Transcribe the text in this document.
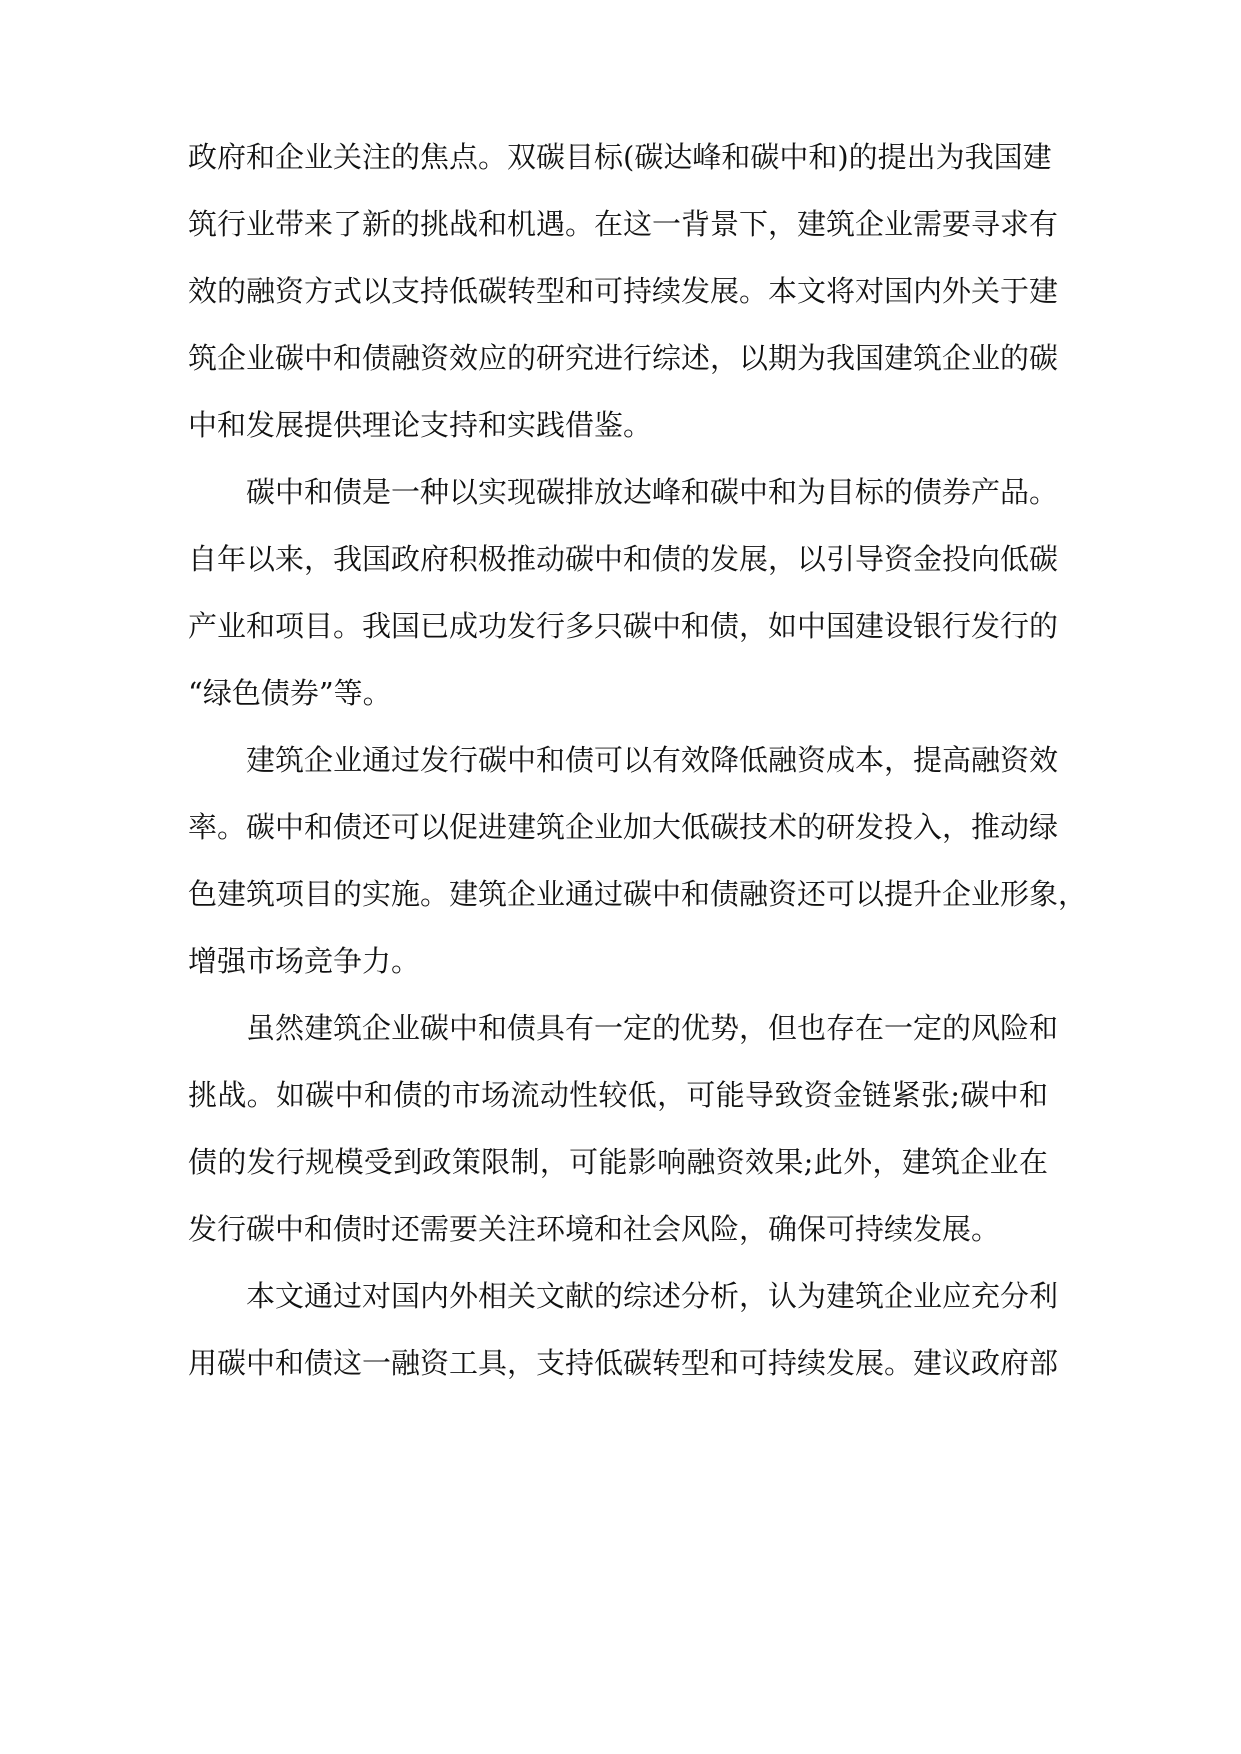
政府和企业关注的焦点。双碳目标(碳达峰和碳中和)的提出为我国建
筑行业带来了新的挑战和机遇。在这一背景下，建筑企业需要寻求有
效的融资方式以支持低碳转型和可持续发展。本文将对国内外关于建
筑企业碳中和债融资效应的研究进行综述，以期为我国建筑企业的碳
中和发展提供理论支持和实践借鉴。
碳中和债是一种以实现碳排放达峰和碳中和为目标的债券产品。
自年以来，我国政府积极推动碳中和债的发展，以引导资金投向低碳
产业和项目。我国已成功发行多只碳中和债，如中国建设银行发行的
“绿色债券”等。
建筑企业通过发行碳中和债可以有效降低融资成本，提高融资效
率。碳中和债还可以促进建筑企业加大低碳技术的研发投入，推动绿
色建筑项目的实施。建筑企业通过碳中和债融资还可以提升企业形象，
增强市场竞争力。
虽然建筑企业碳中和债具有一定的优势，但也存在一定的风险和
挑战。如碳中和债的市场流动性较低，可能导致资金链紧张;碳中和
债的发行规模受到政策限制，可能影响融资效果;此外，建筑企业在
发行碳中和债时还需要关注环境和社会风险，确保可持续发展。
本文通过对国内外相关文献的综述分析，认为建筑企业应充分利
用碳中和债这一融资工具，支持低碳转型和可持续发展。建议政府部
